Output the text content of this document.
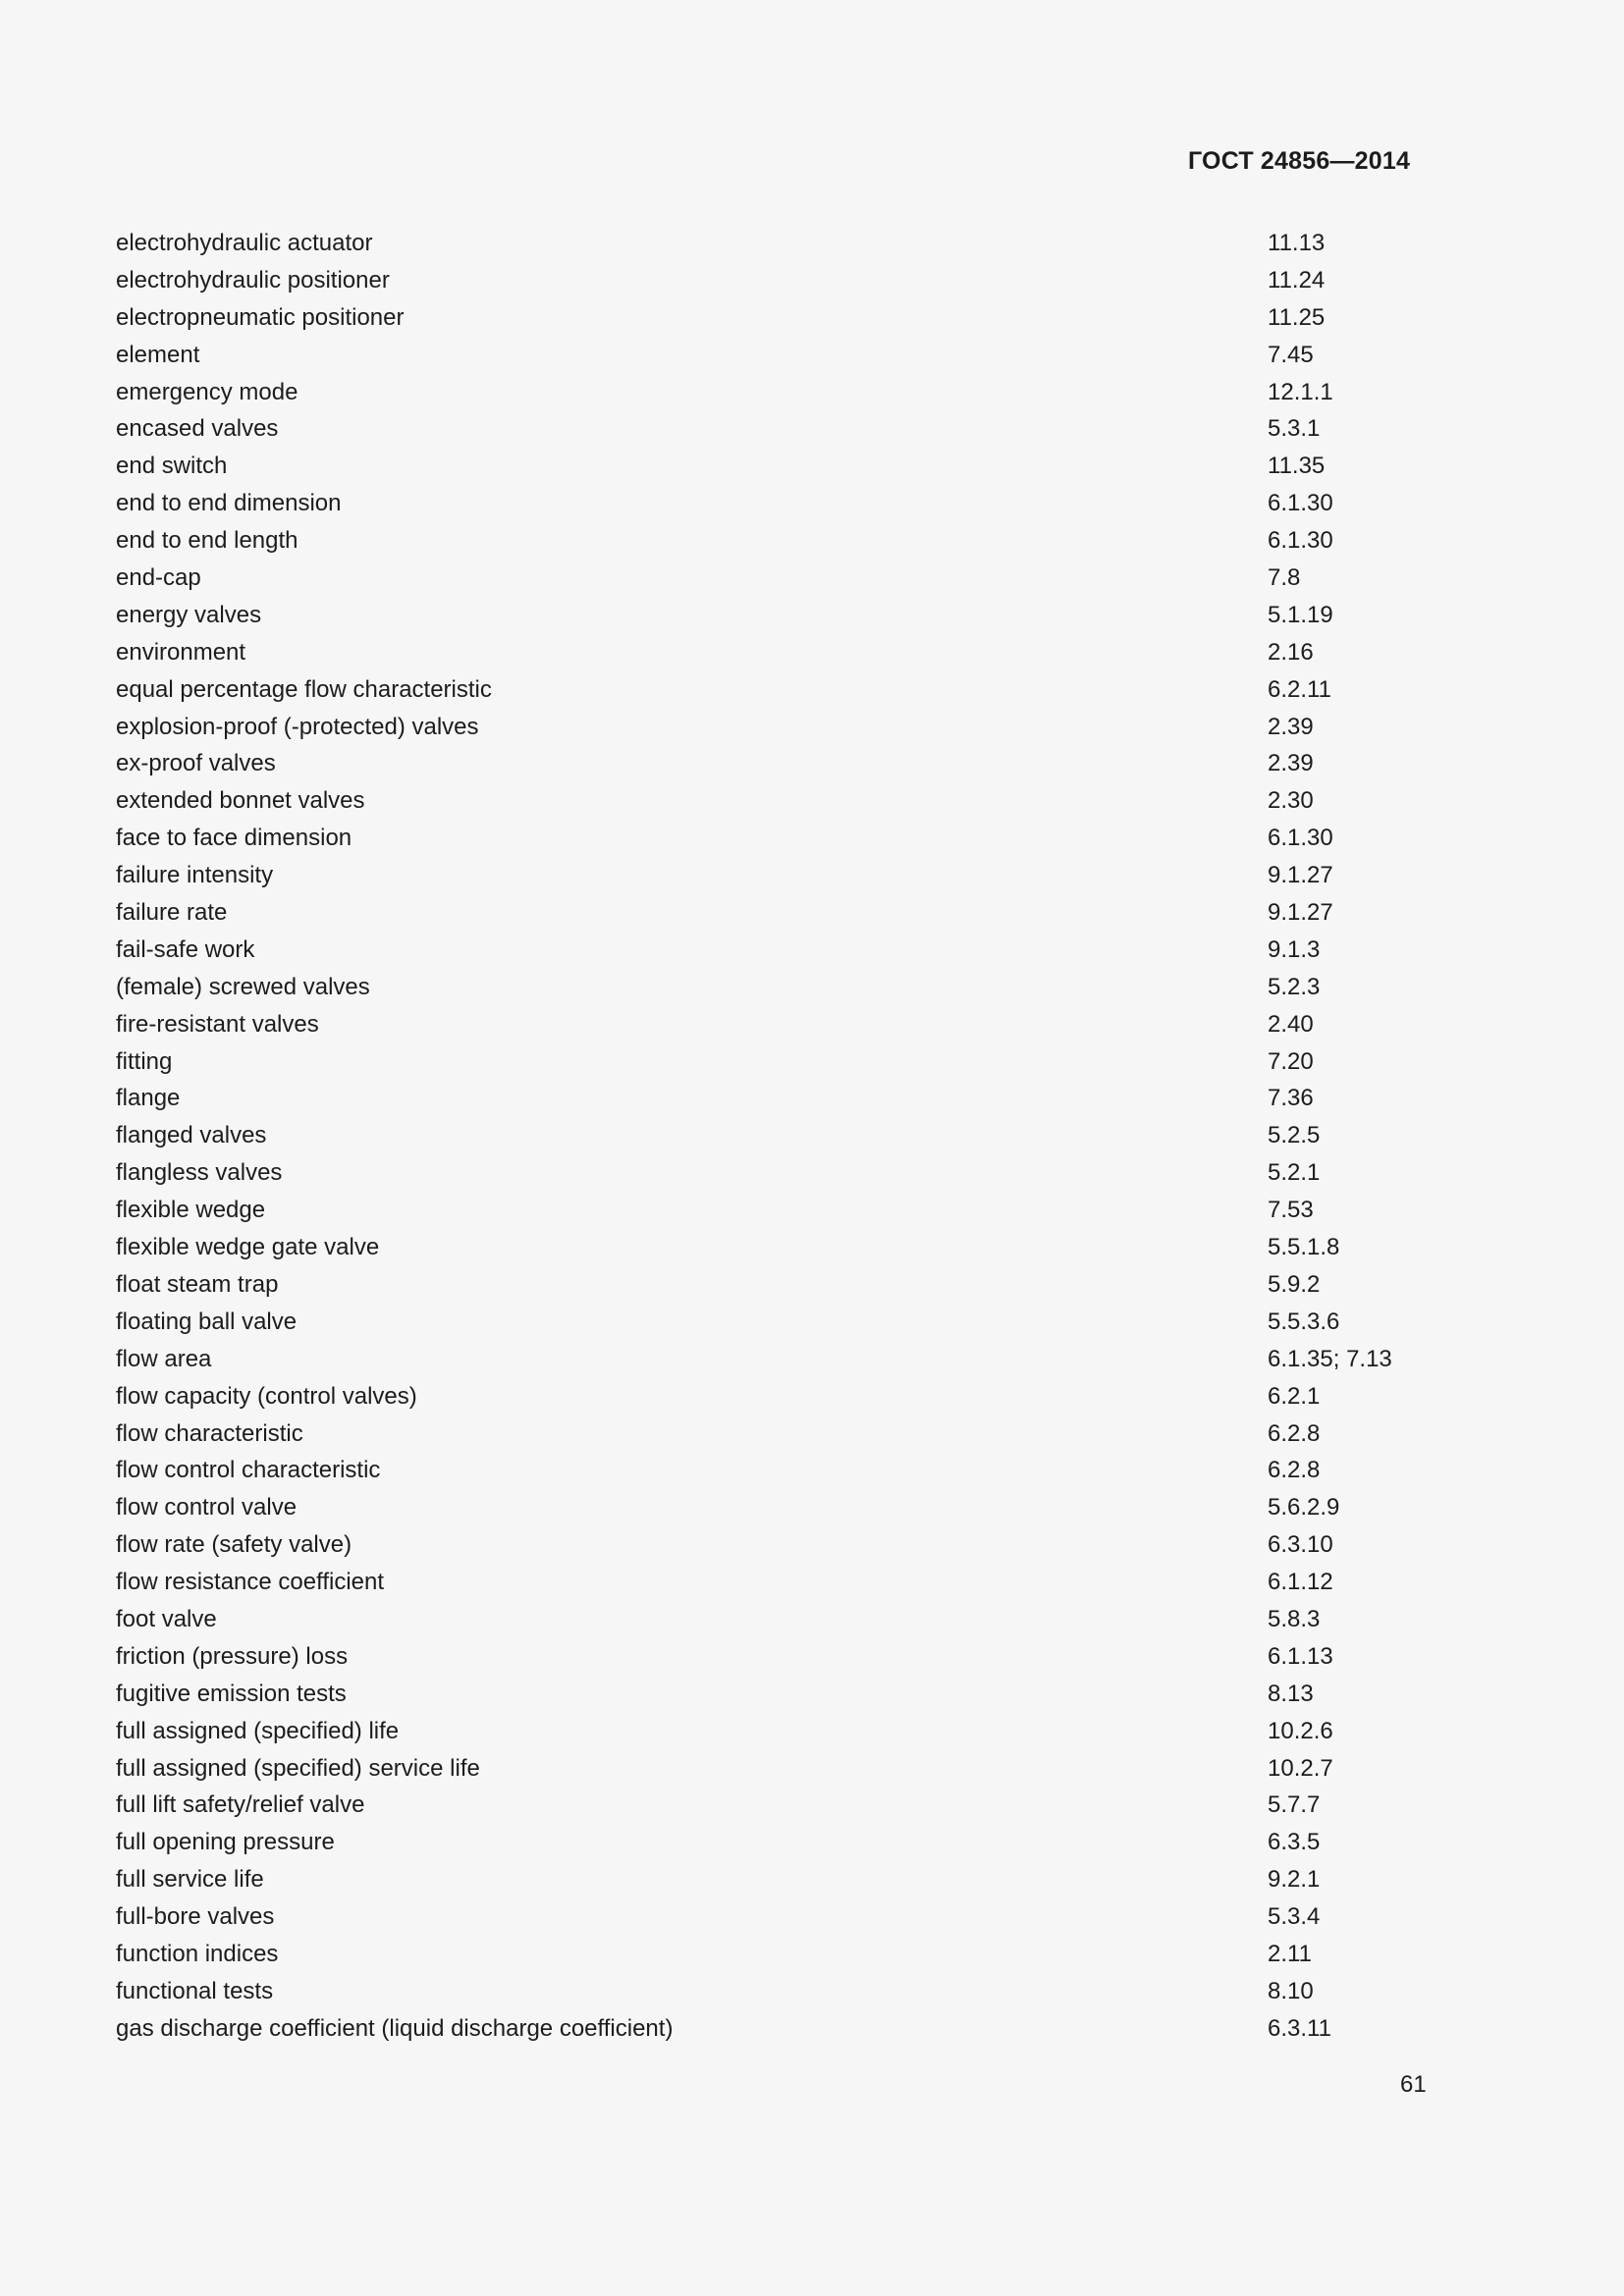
ГОСТ 24856—2014
electrohydraulic actuator	11.13
electrohydraulic positioner	11.24
electropneumatic positioner	11.25
element	7.45
emergency mode	12.1.1
encased valves	5.3.1
end switch	11.35
end to end dimension	6.1.30
end to end length	6.1.30
end-cap	7.8
energy valves	5.1.19
environment	2.16
equal percentage flow characteristic	6.2.11
explosion-proof (-protected) valves	2.39
ex-proof valves	2.39
extended bonnet valves	2.30
face to face dimension	6.1.30
failure intensity	9.1.27
failure rate	9.1.27
fail-safe work	9.1.3
(female) screwed valves	5.2.3
fire-resistant valves	2.40
fitting	7.20
flange	7.36
flanged valves	5.2.5
flangless valves	5.2.1
flexible wedge	7.53
flexible wedge gate valve	5.5.1.8
float steam trap	5.9.2
floating ball valve	5.5.3.6
flow area	6.1.35; 7.13
flow capacity (control valves)	6.2.1
flow characteristic	6.2.8
flow control characteristic	6.2.8
flow control valve	5.6.2.9
flow rate (safety valve)	6.3.10
flow resistance coefficient	6.1.12
foot valve	5.8.3
friction (pressure) loss	6.1.13
fugitive emission tests	8.13
full assigned (specified) life	10.2.6
full assigned (specified) service life	10.2.7
full lift safety/relief valve	5.7.7
full opening pressure	6.3.5
full service life	9.2.1
full-bore valves	5.3.4
function indices	2.11
functional tests	8.10
gas discharge coefficient (liquid discharge coefficient)	6.3.11
61
